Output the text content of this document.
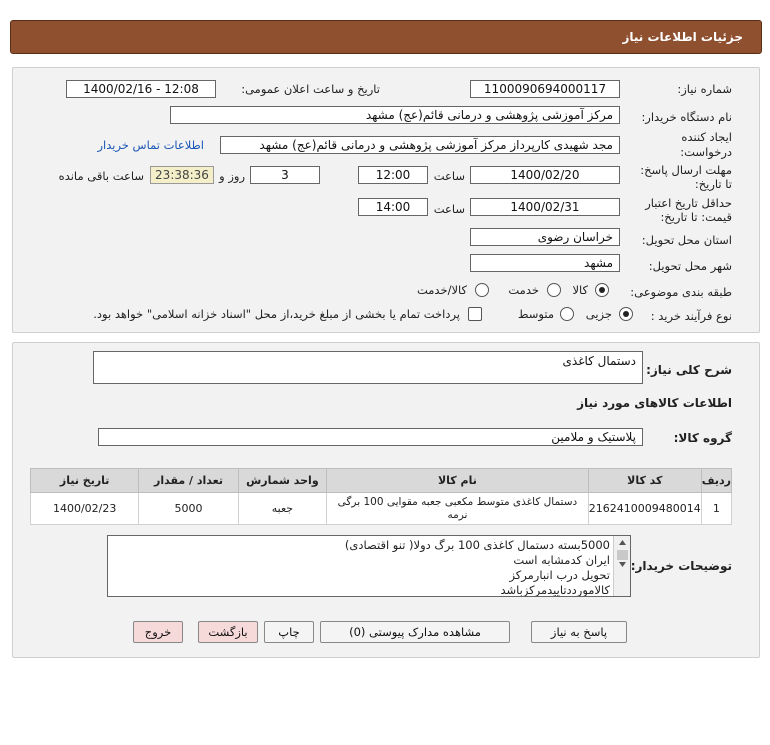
جزئیات اطلاعات نیاز
شماره نیاز:
1100090694000117
تاریخ و ساعت اعلان عمومی:
1400/02/16 - 12:08
نام دستگاه خریدار:
مرکز آموزشی پژوهشی و درمانی قائم(عج) مشهد
ایجاد کننده
درخواست:
مجد شهیدی کارپرداز مرکز آموزشی پژوهشی و درمانی قائم(عج) مشهد
اطلاعات تماس خریدار
مهلت ارسال پاسخ:
تا تاریخ:
1400/02/20
ساعت
12:00
3
روز و
23:38:36
ساعت باقی مانده
حداقل تاریخ اعتبار
قیمت: تا تاریخ:
1400/02/31
ساعت
14:00
استان محل تحویل:
خراسان رضوی
شهر محل تحویل:
مشهد
طبقه بندی موضوعی:
کالا
خدمت
کالا/خدمت
نوع فرآیند خرید :
جزیی
متوسط
پرداخت تمام یا بخشی از مبلغ خرید،از محل "اسناد خزانه اسلامی" خواهد بود.
شرح کلی نیاز:
دستمال کاغذی
اطلاعات کالاهای مورد نیاز
گروه کالا:
پلاستیک و ملامین
ردیف	کد کالا	نام کالا	واحد شمارش	تعداد / مقدار	تاریخ نیاز
1	2162410009480014	دستمال کاغذی متوسط مکعبی جعبه مقوایی 100 برگی نرمه	جعبه	5000	1400/02/23
توضیحات خریدار:
5000بسته دستمال کاغذی 100 برگ دولا( تنو اقتصادی)
ایران کدمشابه است
تحویل درب انبارمرکز
کالامورددتاییدمرکزباشد
پاسخ به نیاز
مشاهده مدارک پیوستی (0)
چاپ
بازگشت
خروج
